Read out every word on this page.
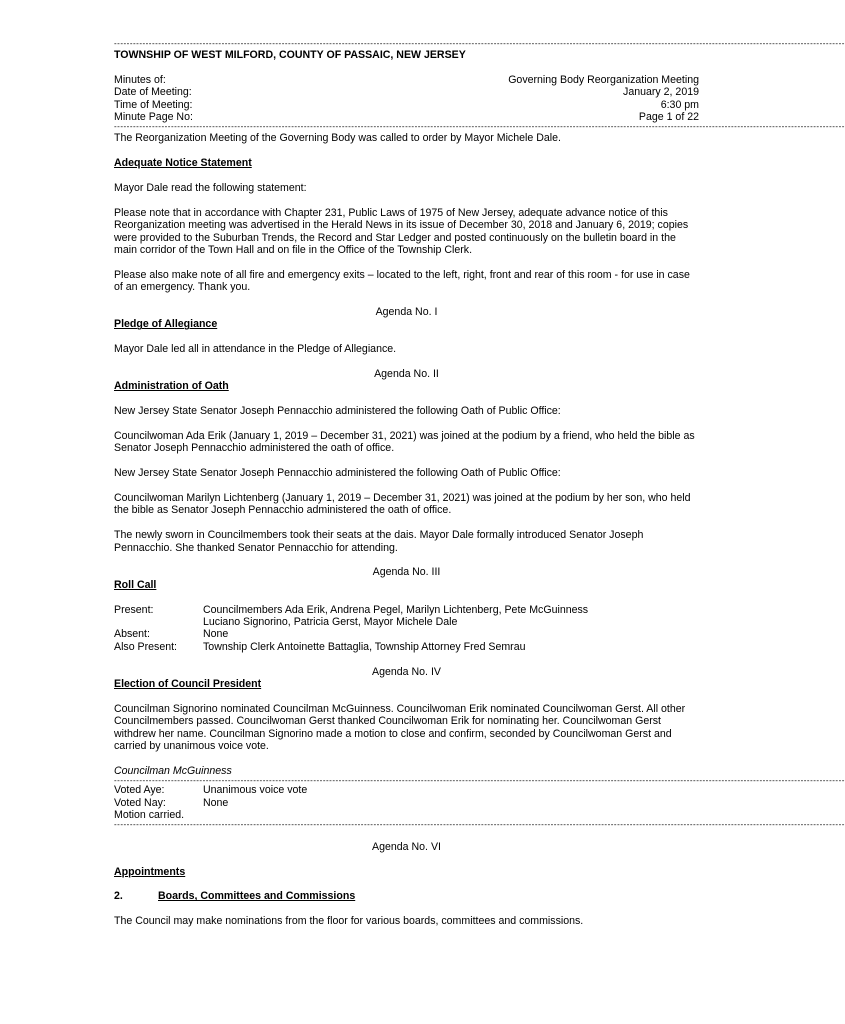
---------------------------------------------------------------------------------------------------------------------------------------------------------------------------------------------------------------------------------------
TOWNSHIP OF WEST MILFORD, COUNTY OF PASSAIC, NEW JERSEY
Minutes of:	Governing Body Reorganization Meeting
Date of Meeting:	January 2, 2019
Time of Meeting:	6:30 pm
Minute Page No:	Page 1 of 22
---------------------------------------------------------------------------------------------------------------------------------------------------------------------------------------------------------------------------------------

The Reorganization Meeting of the Governing Body was called to order by Mayor Michele Dale.

Adequate Notice Statement

Mayor Dale read the following statement:

Please note that in accordance with Chapter 231, Public Laws of 1975 of New Jersey, adequate advance notice of this Reorganization meeting was advertised in the Herald News in its issue of December 30, 2018 and January 6, 2019; copies were provided to the Suburban Trends, the Record and Star Ledger and posted continuously on the bulletin board in the main corridor of the Town Hall and on file in the Office of the Township Clerk.

Please also make note of all fire and emergency exits – located to the left, right, front and rear of this room - for use in case of an emergency. Thank you.

Agenda No. I

Pledge of Allegiance

Mayor Dale led all in attendance in the Pledge of Allegiance.

Agenda No. II

Administration of Oath

New Jersey State Senator Joseph Pennacchio administered the following Oath of Public Office:

Councilwoman Ada Erik (January 1, 2019 – December 31, 2021) was joined at the podium by a friend, who held the bible as Senator Joseph Pennacchio administered the oath of office.

New Jersey State Senator Joseph Pennacchio administered the following Oath of Public Office:

Councilwoman Marilyn Lichtenberg (January 1, 2019 – December 31, 2021) was joined at the podium by her son, who held the bible as Senator Joseph Pennacchio administered the oath of office.

The newly sworn in Councilmembers took their seats at the dais. Mayor Dale formally introduced Senator Joseph Pennacchio. She thanked Senator Pennacchio for attending.

Agenda No. III

Roll Call

Present:	Councilmembers Ada Erik, Andrena Pegel, Marilyn Lichtenberg, Pete McGuinness
Luciano Signorino, Patricia Gerst, Mayor Michele Dale
Absent:	None
Also Present: Township Clerk Antoinette Battaglia, Township Attorney Fred Semrau

Agenda No. IV

Election of Council President

Councilman Signorino nominated Councilman McGuinness. Councilwoman Erik nominated Councilwoman Gerst. All other Councilmembers passed. Councilwoman Gerst thanked Councilwoman Erik for nominating her. Councilwoman Gerst withdrew her name. Councilman Signorino made a motion to close and confirm, seconded by Councilwoman Gerst and carried by unanimous voice vote.

Councilman McGuinness

---------------------------------------------------------------------------------------------------------------------------------------------------------------------------------------------------------------------------------------
Voted Aye:	Unanimous voice vote
Voted Nay:	None

Motion carried.

---------------------------------------------------------------------------------------------------------------------------------------------------------------------------------------------------------------------------------------

Agenda No. VI

Appointments

2.	Boards, Committees and Commissions

The Council may make nominations from the floor for various boards, committees and commissions.
